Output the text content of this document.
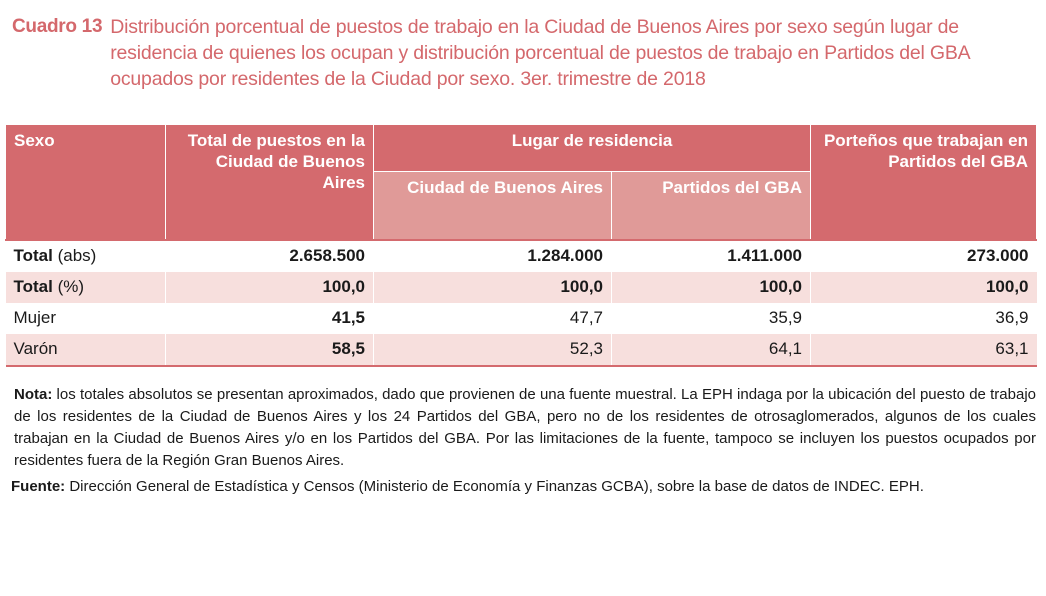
Cuadro 13 Distribución porcentual de puestos de trabajo en la Ciudad de Buenos Aires por sexo según lugar de residencia de quienes los ocupan y distribución porcentual de puestos de trabajo en Partidos del GBA ocupados por residentes de la Ciudad por sexo. 3er. trimestre de 2018
Sexo	Total de puestos en la Ciudad de Buenos Aires	Lugar de residencia		Porteños que trabajan en Partidos del GBA
		Ciudad de Buenos Aires	Partidos del GBA	
Total (abs)	2.658.500	1.284.000	1.411.000	273.000
Total (%)	100,0	100,0	100,0	100,0
Mujer	41,5	47,7	35,9	36,9
Varón	58,5	52,3	64,1	63,1

Nota: los totales absolutos se presentan aproximados, dado que provienen de una fuente muestral. La EPH indaga por la ubicación del puesto de trabajo de los residentes de la Ciudad de Buenos Aires y los 24 Partidos del GBA, pero no de los residentes de otrosaglomerados, algunos de los cuales trabajan en la Ciudad de Buenos Aires y/o en los Partidos del GBA. Por las limitaciones de la fuente, tampoco se incluyen los puestos ocupados por residentes fuera de la Región Gran Buenos Aires.

Fuente: Dirección General de Estadística y Censos (Ministerio de Economía y Finanzas GCBA), sobre la base de datos de INDEC. EPH.
